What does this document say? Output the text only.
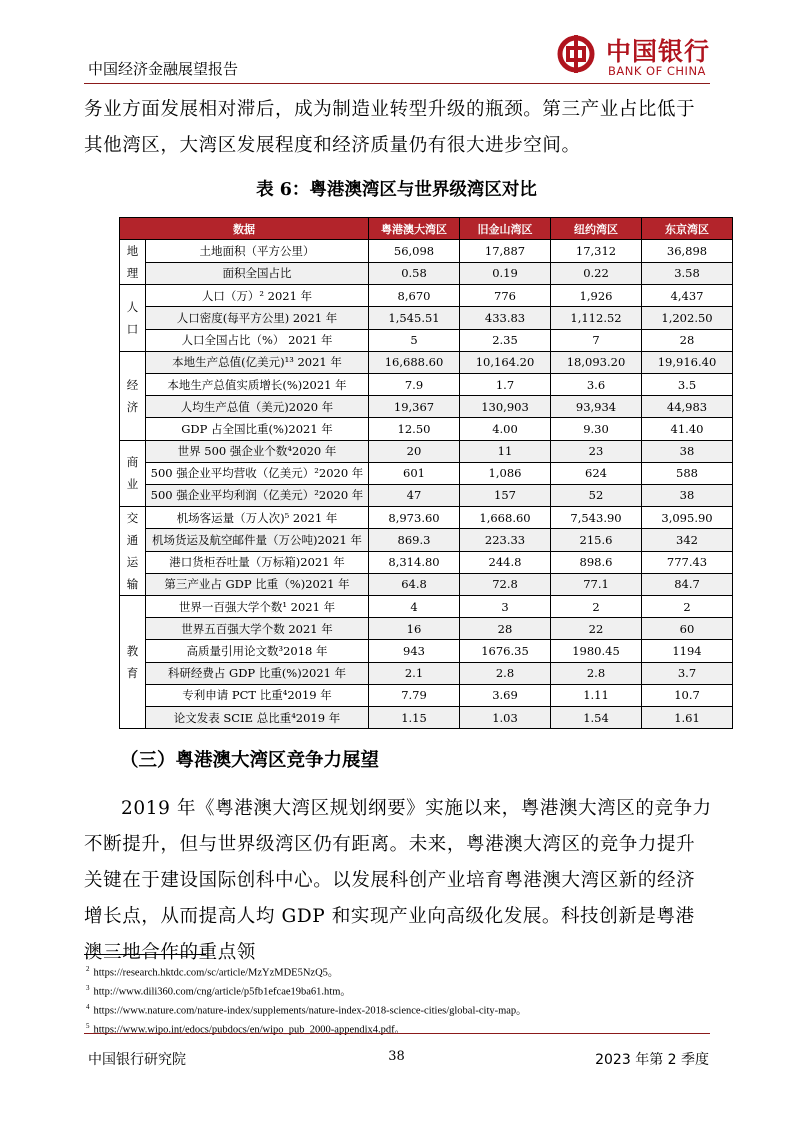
中国经济金融展望报告
中国银行
BANK OF CHINA
务业方面发展相对滞后，成为制造业转型升级的瓶颈。第三产业占比低于其他湾区，大湾区发展程度和经济质量仍有很大进步空间。
表 6：粤港澳湾区与世界级湾区对比
数据		粤港澳大湾区	旧金山湾区	纽约湾区	东京湾区

地
理	土地面积（平方公里）	56,098	17,887	17,312	36,898
	面积全国占比	0.58	0.19	0.22	3.58

人
口	人口（万）² 2021 年	8,670	776	1,926	4,437
	人口密度(每平方公里) 2021 年	1,545.51	433.83	1,112.52	1,202.50
	人口全国占比（%） 2021 年	5	2.35	7	28

经
济	本地生产总值(亿美元)¹³ 2021 年	16,688.60	10,164.20	18,093.20	19,916.40
	本地生产总值实质增长(%)2021 年	7.9	1.7	3.6	3.5
	人均生产总值（美元)2020 年	19,367	130,903	93,934	44,983
	GDP 占全国比重(%)2021 年	12.50	4.00	9.30	41.40

商
业	世界 500 强企业个数⁴2020 年	20	11	23	38
	500 强企业平均营收（亿美元）²2020 年	601	1,086	624	588
	500 强企业平均利润（亿美元）²2020 年	47	157	52	38

交
通
运
输	机场客运量（万人次)⁵ 2021 年	8,973.60	1,668.60	7,543.90	3,095.90
	机场货运及航空邮件量（万公吨)2021 年	869.3	223.33	215.6	342
	港口货柜吞吐量（万标箱)2021 年	8,314.80	244.8	898.6	777.43
	第三产业占 GDP 比重（%)2021 年	64.8	72.8	77.1	84.7

教
育	世界一百强大学个数¹ 2021 年	4	3	2	2
	世界五百强大学个数 2021 年	16	28	22	60
	高质量引用论文数³2018 年	943	1676.35	1980.45	1194
	科研经费占 GDP 比重(%)2021 年	2.1	2.8	2.8	3.7
	专利申请 PCT 比重⁴2019 年	7.79	3.69	1.11	10.7
	论文发表 SCIE 总比重⁴2019 年	1.15	1.03	1.54	1.61
（三）粤港澳大湾区竞争力展望
2019 年《粤港澳大湾区规划纲要》实施以来，粤港澳大湾区的竞争力不断提升，但与世界级湾区仍有距离。未来，粤港澳大湾区的竞争力提升关键在于建设国际创科中心。以发展科创产业培育粤港澳大湾区新的经济增长点，从而提高人均 GDP 和实现产业向高级化发展。科技创新是粤港澳三地合作的重点领
$^2$ https://research.hktdc.com/sc/article/MzYzMDE5NzQ5。
$^3$ http://www.dili360.com/cng/article/p5fb1efcae19ba61.htm。
$^4$ https://www.nature.com/nature-index/supplements/nature-index-2018-science-cities/global-city-map。
$^5$ https://www.wipo.int/edocs/pubdocs/en/wipo_pub_2000-appendix4.pdf。
中国银行研究院	38	2023 年第 2 季度
